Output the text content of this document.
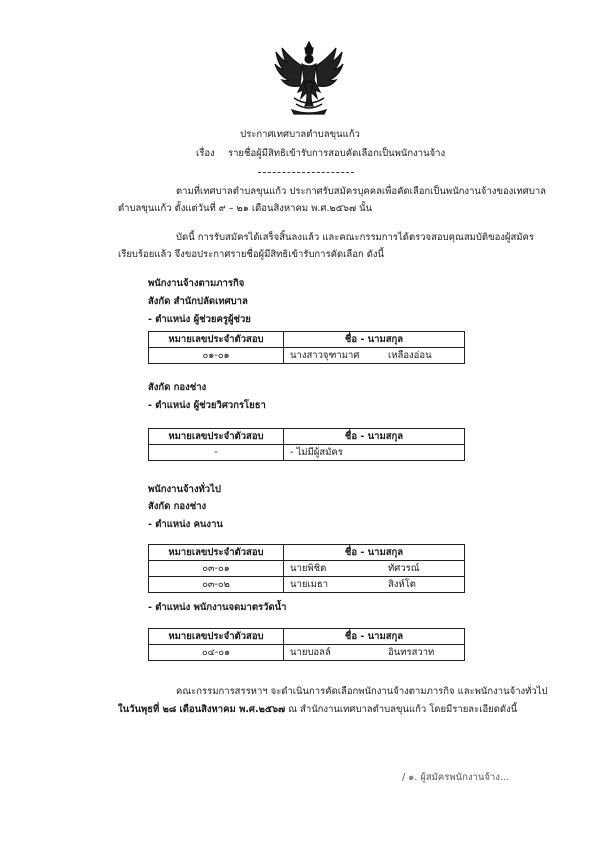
ประกาศเทศบาลตำบลขุนแก้ว
เรื่อง รายชื่อผู้มีสิทธิเข้ารับการสอบคัดเลือกเป็นพนักงานจ้าง
ตามที่เทศบาลตำบลขุนแก้ว ประกาศรับสมัครบุคคลเพื่อคัดเลือกเป็นพนักงานจ้างของเทศบาล
ตำบลขุนแก้ว ตั้งแต่วันที่ ๙ – ๒๑ เดือนสิงหาคม พ.ศ.๒๕๖๗ นั้น
บัดนี้ การรับสมัครได้เสร็จสิ้นลงแล้ว และคณะกรรมการได้ตรวจสอบคุณสมบัติของผู้สมัคร
เรียบร้อยแล้ว จึงขอประกาศรายชื่อผู้มีสิทธิเข้ารับการคัดเลือก ดังนี้
พนักงานจ้างตามภารกิจ
สังกัด สำนักปลัดเทศบาล
- ตำแหน่ง ผู้ช่วยครูผู้ช่วย
หมายเลขประจำตัวสอบ	ชื่อ - นามสกุล
๐๑-๐๑	นางสาวจุฑามาศ เหลืองอ่อน
สังกัด กองช่าง
- ตำแหน่ง ผู้ช่วยวิศวกรโยธา
หมายเลขประจำตัวสอบ	ชื่อ - นามสกุล
-	- ไม่มีผู้สมัคร
พนักงานจ้างทั่วไป
สังกัด กองช่าง
- ตำแหน่ง คนงาน
หมายเลขประจำตัวสอบ	ชื่อ - นามสกุล
๐๓-๐๑	นายพิชิต ทัศวรณ์
๐๓-๐๒	นายเมธา สิงห์โต
- ตำแหน่ง พนักงานจดมาตรวัดน้ำ
หมายเลขประจำตัวสอบ	ชื่อ - นามสกุล
๐๔-๐๑	นายบอลล์ อินทรสวาท
คณะกรรมการสรรหาฯ จะดำเนินการคัดเลือกพนักงานจ้างตามภารกิจ และพนักงานจ้างทั่วไป
ในวันพุธที่ ๒๘ เดือนสิงหาคม พ.ศ.๒๕๖๗ ณ สำนักงานเทศบาลตำบลขุนแก้ว โดยมีรายละเอียดดังนี้
/ ๑. ผู้สมัครพนักงานจ้าง...
